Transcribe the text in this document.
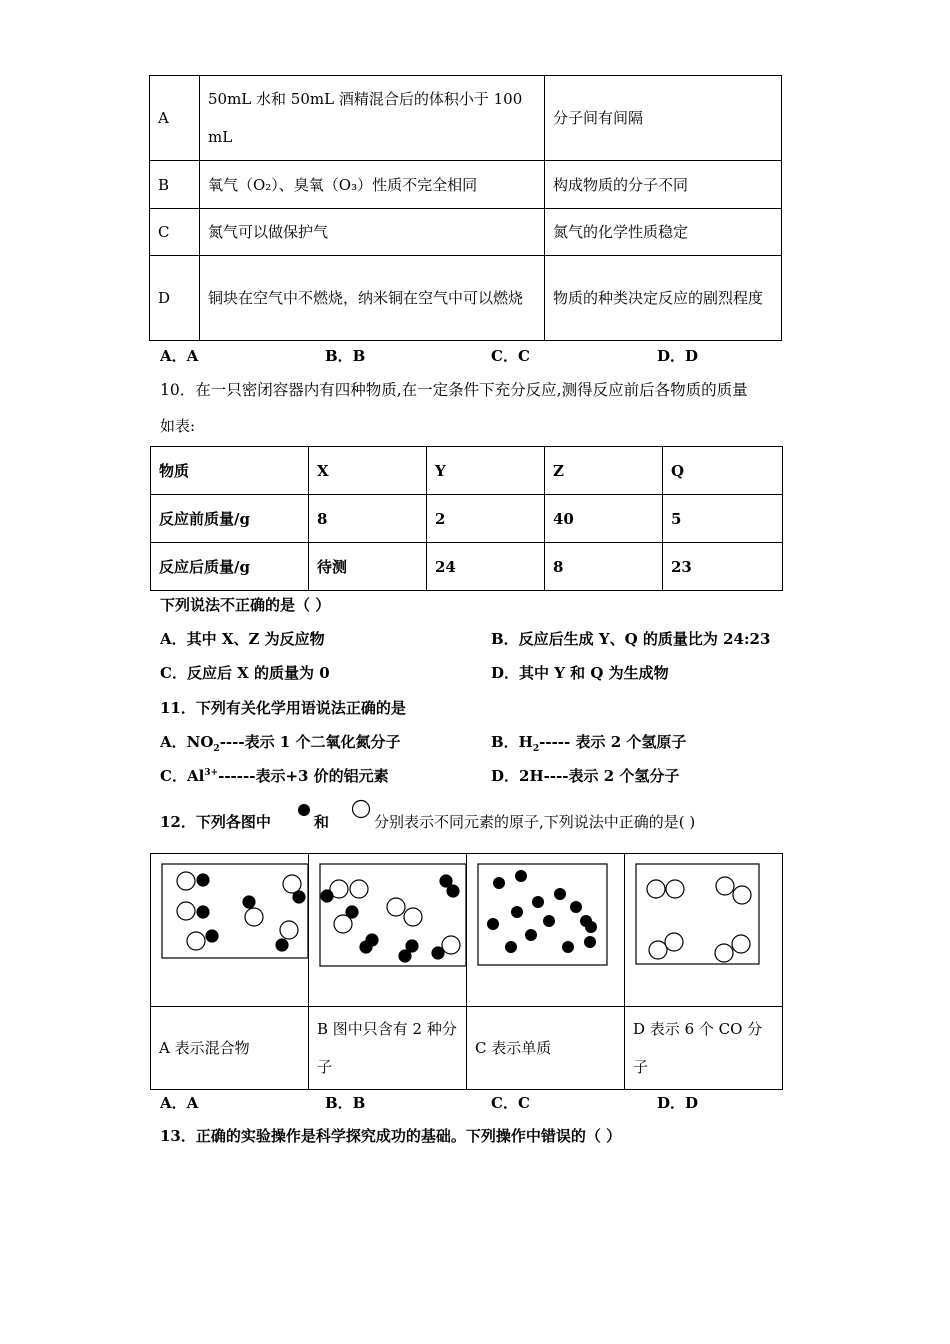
A	50mL 水和 50mL 酒精混合后的体积小于 100 mL	分子间有间隔
B	氧气（O₂）、臭氧（O₃）性质不完全相同	构成物质的分子不同
C	氮气可以做保护气	氮气的化学性质稳定
D	铜块在空气中不燃烧，纳米铜在空气中可以燃烧	物质的种类决定反应的剧烈程度
A．A	B．B	C．C	D．D
10．在一只密闭容器内有四种物质,在一定条件下充分反应,测得反应前后各物质的质量
如表:
物质	X	Y	Z	Q
反应前质量/g	8	2	40	5
反应后质量/g	待测	24	8	23
下列说法不正确的是（ ）
A．其中 X、Z 为反应物	B．反应后生成 Y、Q 的质量比为 24:23
C．反应后 X 的质量为 0	D．其中 Y 和 Q 为生成物
11．下列有关化学用语说法正确的是
A．$NO_2----$表示 1 个二氧化氮分子	B．$H_2-----$ 表示 2 个氢原子
C．$Al^{3+}------$表示+3 价的铝元素	D．2H----表示 2 个氢分子
12．下列各图中	和	分别表示不同元素的原子,下列说法中正确的是( )

A 表示混合物	B 图中只含有 2 种分子	C 表示单质	D 表示 6 个 CO 分子
A．A	B．B	C．C	D．D
13．正确的实验操作是科学探究成功的基础。下列操作中错误的（ ）
